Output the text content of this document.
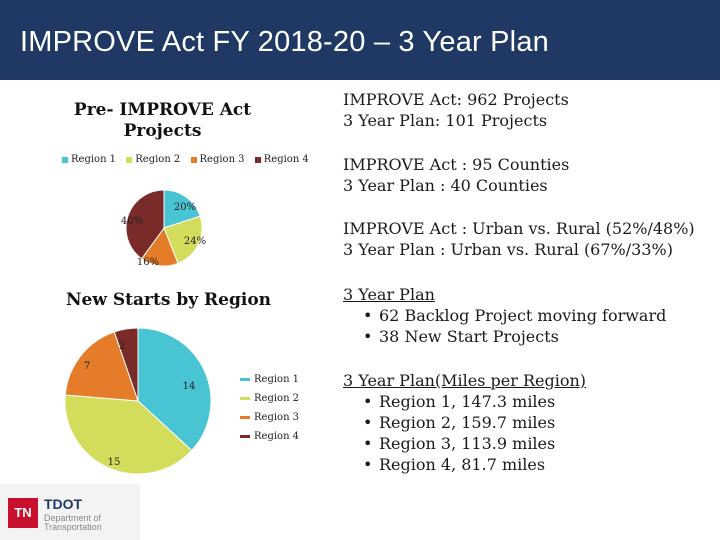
IMPROVE Act FY 2018-20 – 3 Year Plan
Pre- IMPROVE Act Projects
Region 1 Region 2 Region 3 Region 4
20%
24%
16%
40%
New Starts by Region
14
15
7
2
Region 1
Region 2
Region 3
Region 4

IMPROVE Act: 962 Projects

3 Year Plan: 101 Projects

IMPROVE Act : 95 Counties

3 Year Plan : 40 Counties

IMPROVE Act : Urban vs. Rural (52%/48%)

3 Year Plan : Urban vs. Rural (67%/33%)

3 Year Plan

• 62 Backlog Project moving forward

• 38 New Start Projects

3 Year Plan(Miles per Region)

• Region 1, 147.3 miles

• Region 2, 159.7 miles

• Region 3, 113.9 miles

• Region 4, 81.7 miles

TN
TDOT
Department of
Transportation
